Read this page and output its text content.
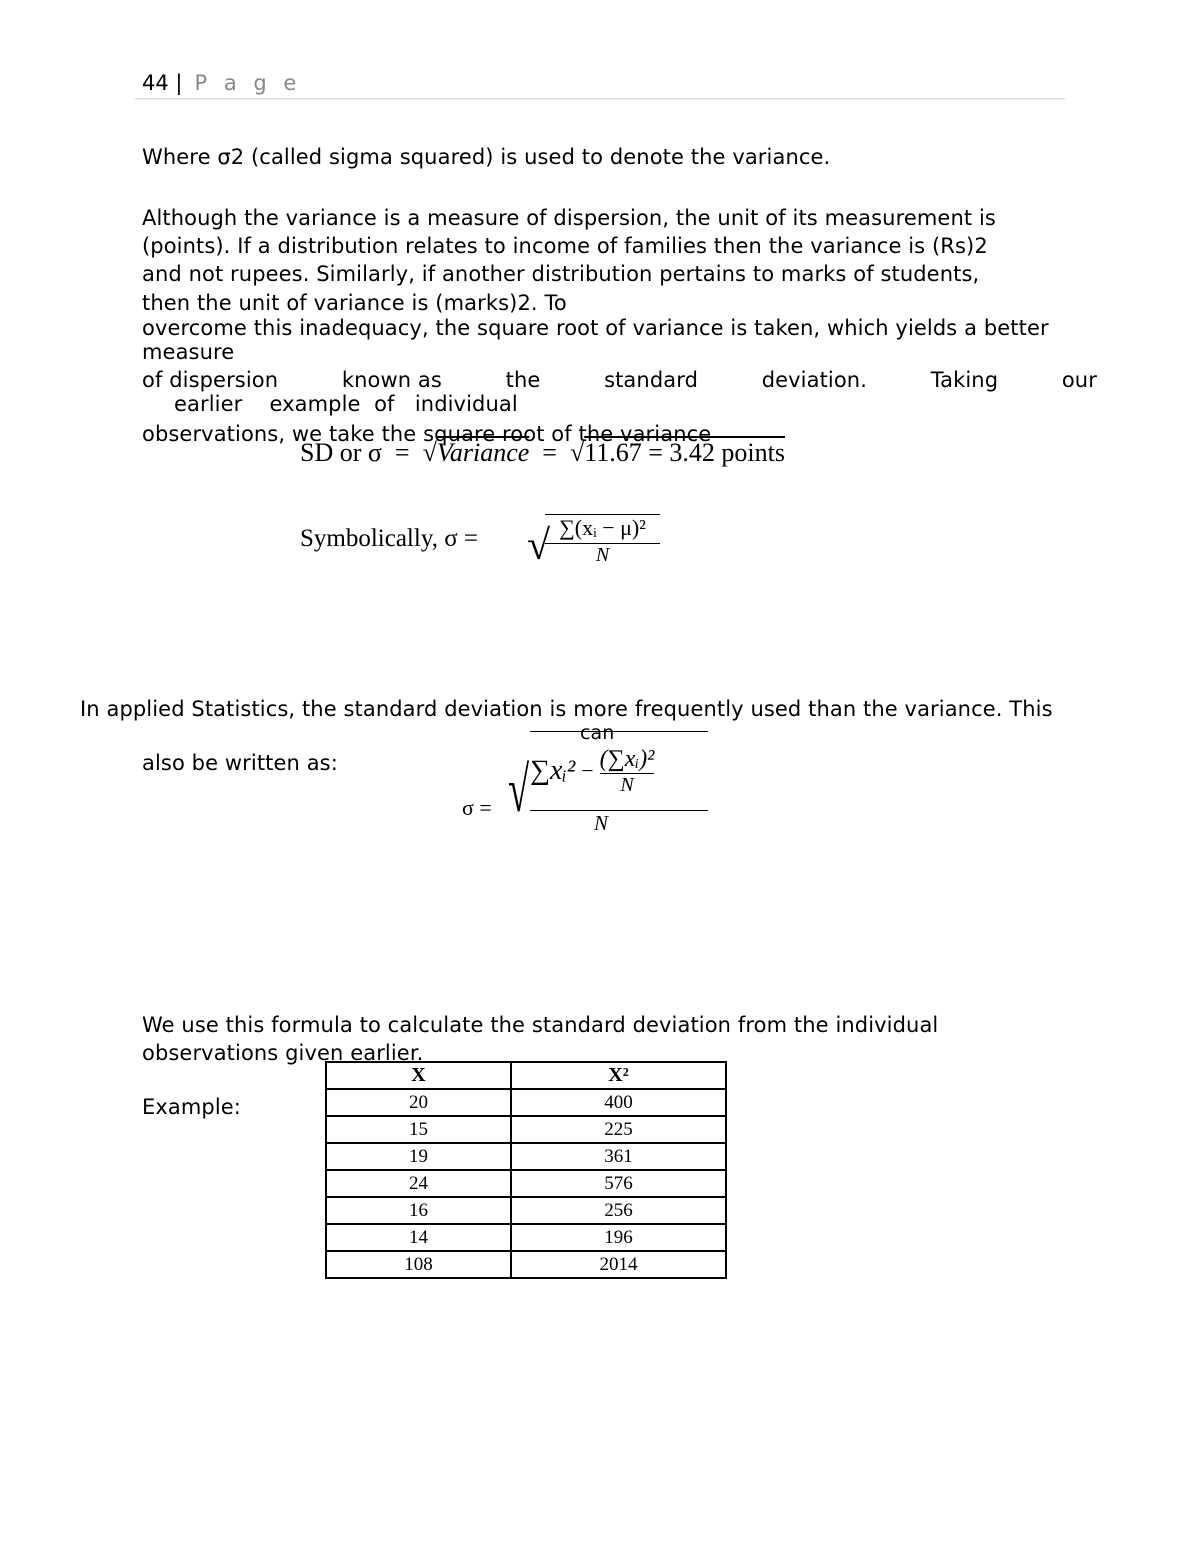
44 | P a g e
Where σ2 (called sigma squared) is used to denote the variance.
Although the variance is a measure of dispersion, the unit of its measurement is
(points). If a distribution relates to income of families then the variance is (Rs)2
and not rupees. Similarly, if another distribution pertains to marks of students,
then the unit of variance is (marks)2. To
overcome this inadequacy, the square root of variance is taken, which yields a better
measure
of dispersion	known as	the	standard	deviation.	Taking	our
earlier    example  of   individual
observations, we take the square root of the variance
SD or σ  =  √Variance  =  √11.67 = 3.42 points
Symbolically, σ = √
$\frac{\text{∑(xᵢ − μ)²}}{N}$
In applied Statistics, the standard deviation is more frequently used than the variance. This
can
also be written as:
σ = √ ∑xᵢ² − (∑xᵢ)²
N
N
We use this formula to calculate the standard deviation from the individual
observations given earlier.
Example:
X	X²
20	400
15	225
19	361
24	576
16	256
14	196
108	2014
